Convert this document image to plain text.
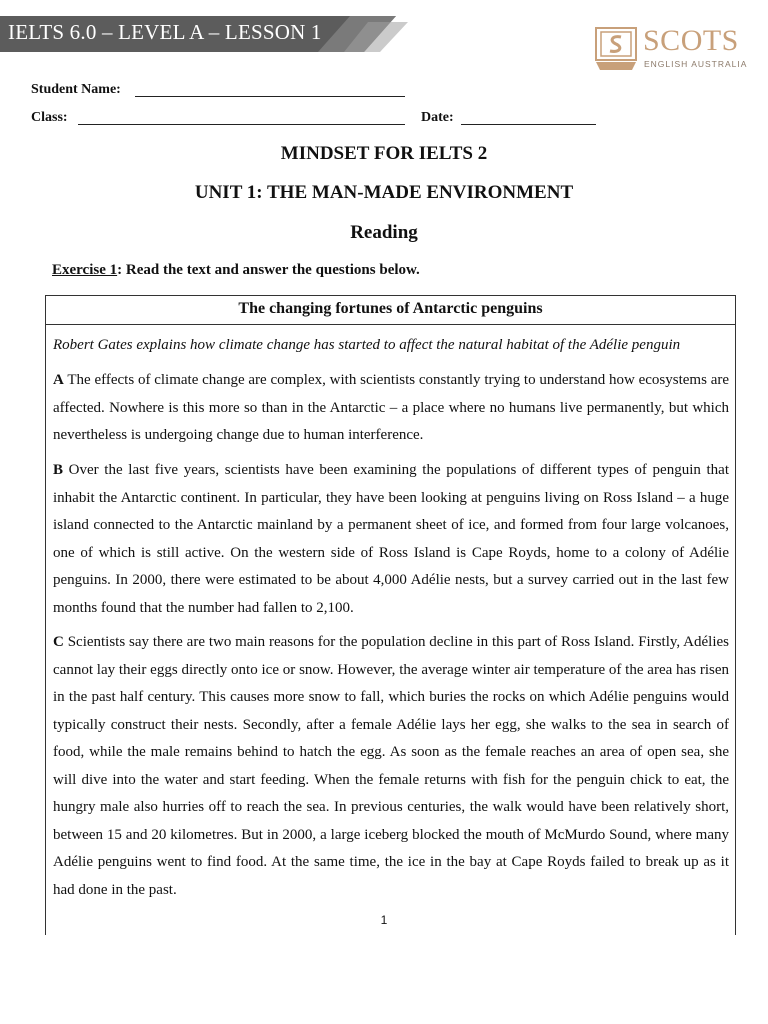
IELTS 6.0 – LEVEL A – LESSON 1	SCOTS
ENGLISH AUSTRALIA
Student Name:
Class:	Date:
MINDSET FOR IELTS 2
UNIT 1: THE MAN-MADE ENVIRONMENT
Reading
Exercise 1: Read the text and answer the questions below.
The changing fortunes of Antarctic penguins
Robert Gates explains how climate change has started to affect the natural habitat of the Adélie penguin

A The effects of climate change are complex, with scientists constantly trying to understand how ecosystems are affected. Nowhere is this more so than in the Antarctic – a place where no humans live permanently, but which nevertheless is undergoing change due to human interference.

B Over the last five years, scientists have been examining the populations of different types of penguin that inhabit the Antarctic continent. In particular, they have been looking at penguins living on Ross Island – a huge island connected to the Antarctic mainland by a permanent sheet of ice, and formed from four large volcanoes, one of which is still active. On the western side of Ross Island is Cape Royds, home to a colony of Adélie penguins. In 2000, there were estimated to be about 4,000 Adélie nests, but a survey carried out in the last few months found that the number had fallen to 2,100.

C Scientists say there are two main reasons for the population decline in this part of Ross Island. Firstly, Adélies cannot lay their eggs directly onto ice or snow. However, the average winter air temperature of the area has risen in the past half century. This causes more snow to fall, which buries the rocks on which Adélie penguins would typically construct their nests. Secondly, after a female Adélie lays her egg, she walks to the sea in search of food, while the male remains behind to hatch the egg. As soon as the female reaches an area of open sea, she will dive into the water and start feeding. When the female returns with fish for the penguin chick to eat, the hungry male also hurries off to reach the sea. In previous centuries, the walk would have been relatively short, between 15 and 20 kilometres. But in 2000, a large iceberg blocked the mouth of McMurdo Sound, where many Adélie penguins went to find food. At the same time, the ice in the bay at Cape Royds failed to break up as it had done in the past.

1
